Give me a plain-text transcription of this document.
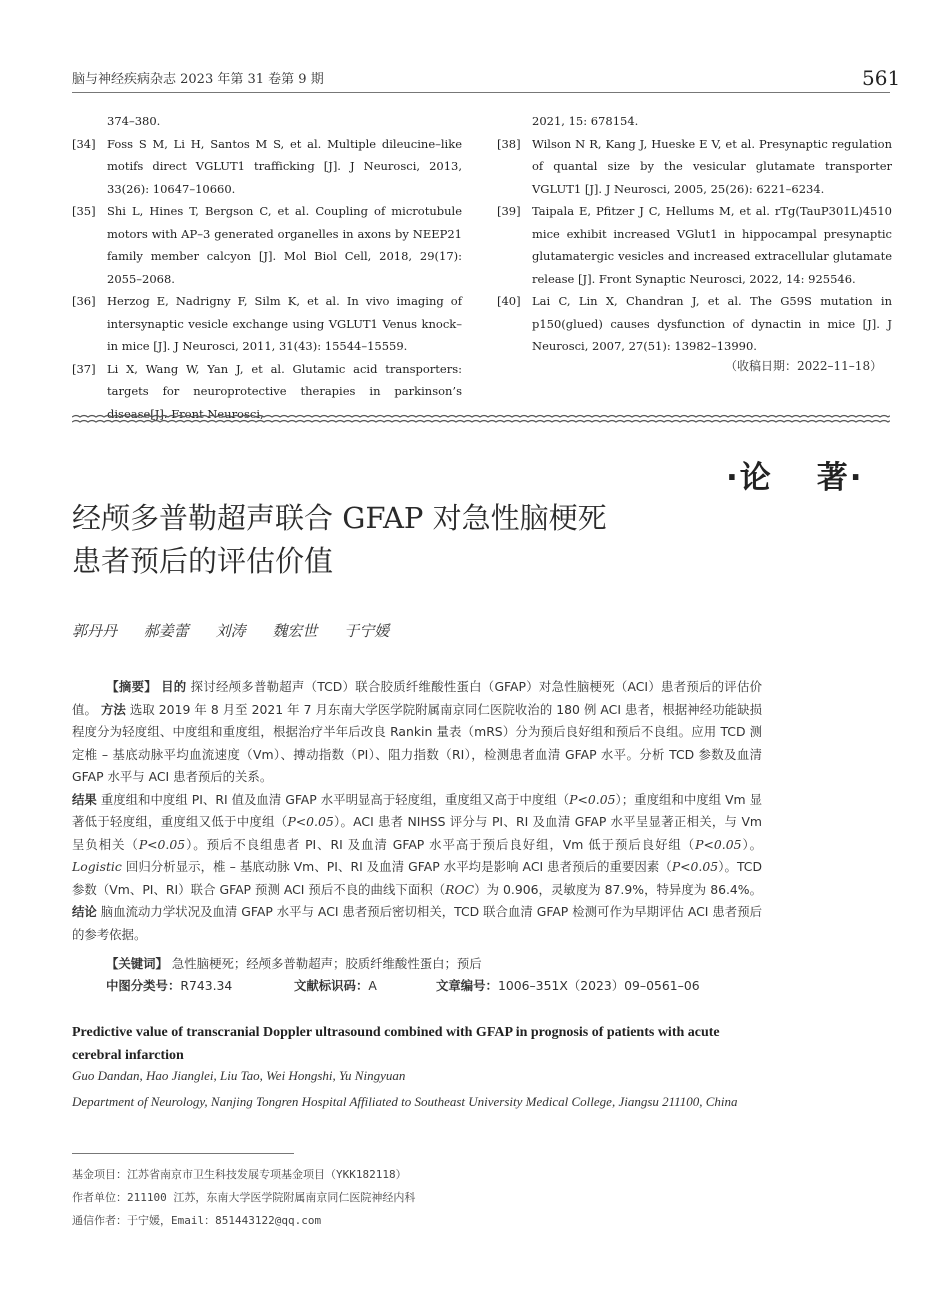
脑与神经疾病杂志 2023 年第 31 卷第 9 期	561
374–380.
[34] Foss S M, Li H, Santos M S, et al. Multiple dileucine–like motifs direct VGLUT1 trafficking [J]. J Neurosci, 2013, 33(26): 10647–10660.
[35] Shi L, Hines T, Bergson C, et al. Coupling of microtubule motors with AP–3 generated organelles in axons by NEEP21 family member calcyon [J]. Mol Biol Cell, 2018, 29(17): 2055–2068.
[36] Herzog E, Nadrigny F, Silm K, et al. In vivo imaging of intersynaptic vesicle exchange using VGLUT1 Venus knock–in mice [J]. J Neurosci, 2011, 31(43): 15544–15559.
[37] Li X, Wang W, Yan J, et al. Glutamic acid transporters: targets for neuroprotective therapies in parkinson’s disease[J]. Front Neurosci,
2021, 15: 678154.
[38] Wilson N R, Kang J, Hueske E V, et al. Presynaptic regulation of quantal size by the vesicular glutamate transporter VGLUT1 [J]. J Neurosci, 2005, 25(26): 6221–6234.
[39] Taipala E, Pfitzer J C, Hellums M, et al. rTg(TauP301L)4510 mice exhibit increased VGlut1 in hippocampal presynaptic glutamatergic vesicles and increased extracellular glutamate release [J]. Front Synaptic Neurosci, 2022, 14: 925546.
[40] Lai C, Lin X, Chandran J, et al. The G59S mutation in p150(glued) causes dysfunction of dynactin in mice [J]. J Neurosci, 2007, 27(51): 13982–13990.
（收稿日期：2022–11–18）
·论 著·
经颅多普勒超声联合 GFAP 对急性脑梗死
患者预后的评估价值
郭丹丹 郝姜蕾 刘涛 魏宏世 于宁媛
【摘要】 目的 探讨经颅多普勒超声（TCD）联合胶质纤维酸性蛋白（GFAP）对急性脑梗死（ACI）患者预后的评估价值。 方法 选取 2019 年 8 月至 2021 年 7 月东南大学医学院附属南京同仁医院收治的 180 例 ACI 患者，根据神经功能缺损程度分为轻度组、中度组和重度组，根据治疗半年后改良 Rankin 量表（mRS）分为预后良好组和预后不良组。应用 TCD 测定椎 – 基底动脉平均血流速度（Vm）、搏动指数（PI）、阻力指数（RI），检测患者血清 GFAP 水平。分析 TCD 参数及血清 GFAP 水平与 ACI 患者预后的关系。
结果 重度组和中度组 PI、RI 值及血清 GFAP 水平明显高于轻度组，重度组又高于中度组（P<0.05）；重度组和中度组 Vm 显著低于轻度组，重度组又低于中度组（P<0.05）。ACI 患者 NIHSS 评分与 PI、RI 及血清 GFAP 水平呈显著正相关，与 Vm 呈负相关（P<0.05）。预后不良组患者 PI、RI 及血清 GFAP 水平高于预后良好组，Vm 低于预后良好组（P<0.05）。Logistic 回归分析显示，椎 – 基底动脉 Vm、PI、RI 及血清 GFAP 水平均是影响 ACI 患者预后的重要因素（P<0.05）。TCD 参数（Vm、PI、RI）联合 GFAP 预测 ACI 预后不良的曲线下面积（ROC）为 0.906，灵敏度为 87.9%，特异度为 86.4%。 结论 脑血流动力学状况及血清 GFAP 水平与 ACI 患者预后密切相关，TCD 联合血清 GFAP 检测可作为早期评估 ACI 患者预后的参考依据。
【关键词】 急性脑梗死；经颅多普勒超声；胶质纤维酸性蛋白；预后
中图分类号：R743.34	文献标识码：A	文章编号：1006–351X（2023）09–0561–06
Predictive value of transcranial Doppler ultrasound combined with GFAP in prognosis of patients with acute cerebral infarction
Guo Dandan, Hao Jianglei, Liu Tao, Wei Hongshi, Yu Ningyuan
Department of Neurology, Nanjing Tongren Hospital Affiliated to Southeast University Medical College, Jiangsu 211100, China
基金项目：江苏省南京市卫生科技发展专项基金项目（YKK182118）
作者单位：211100 江苏，东南大学医学院附属南京同仁医院神经内科
通信作者：于宁媛，Email：851443122@qq.com
